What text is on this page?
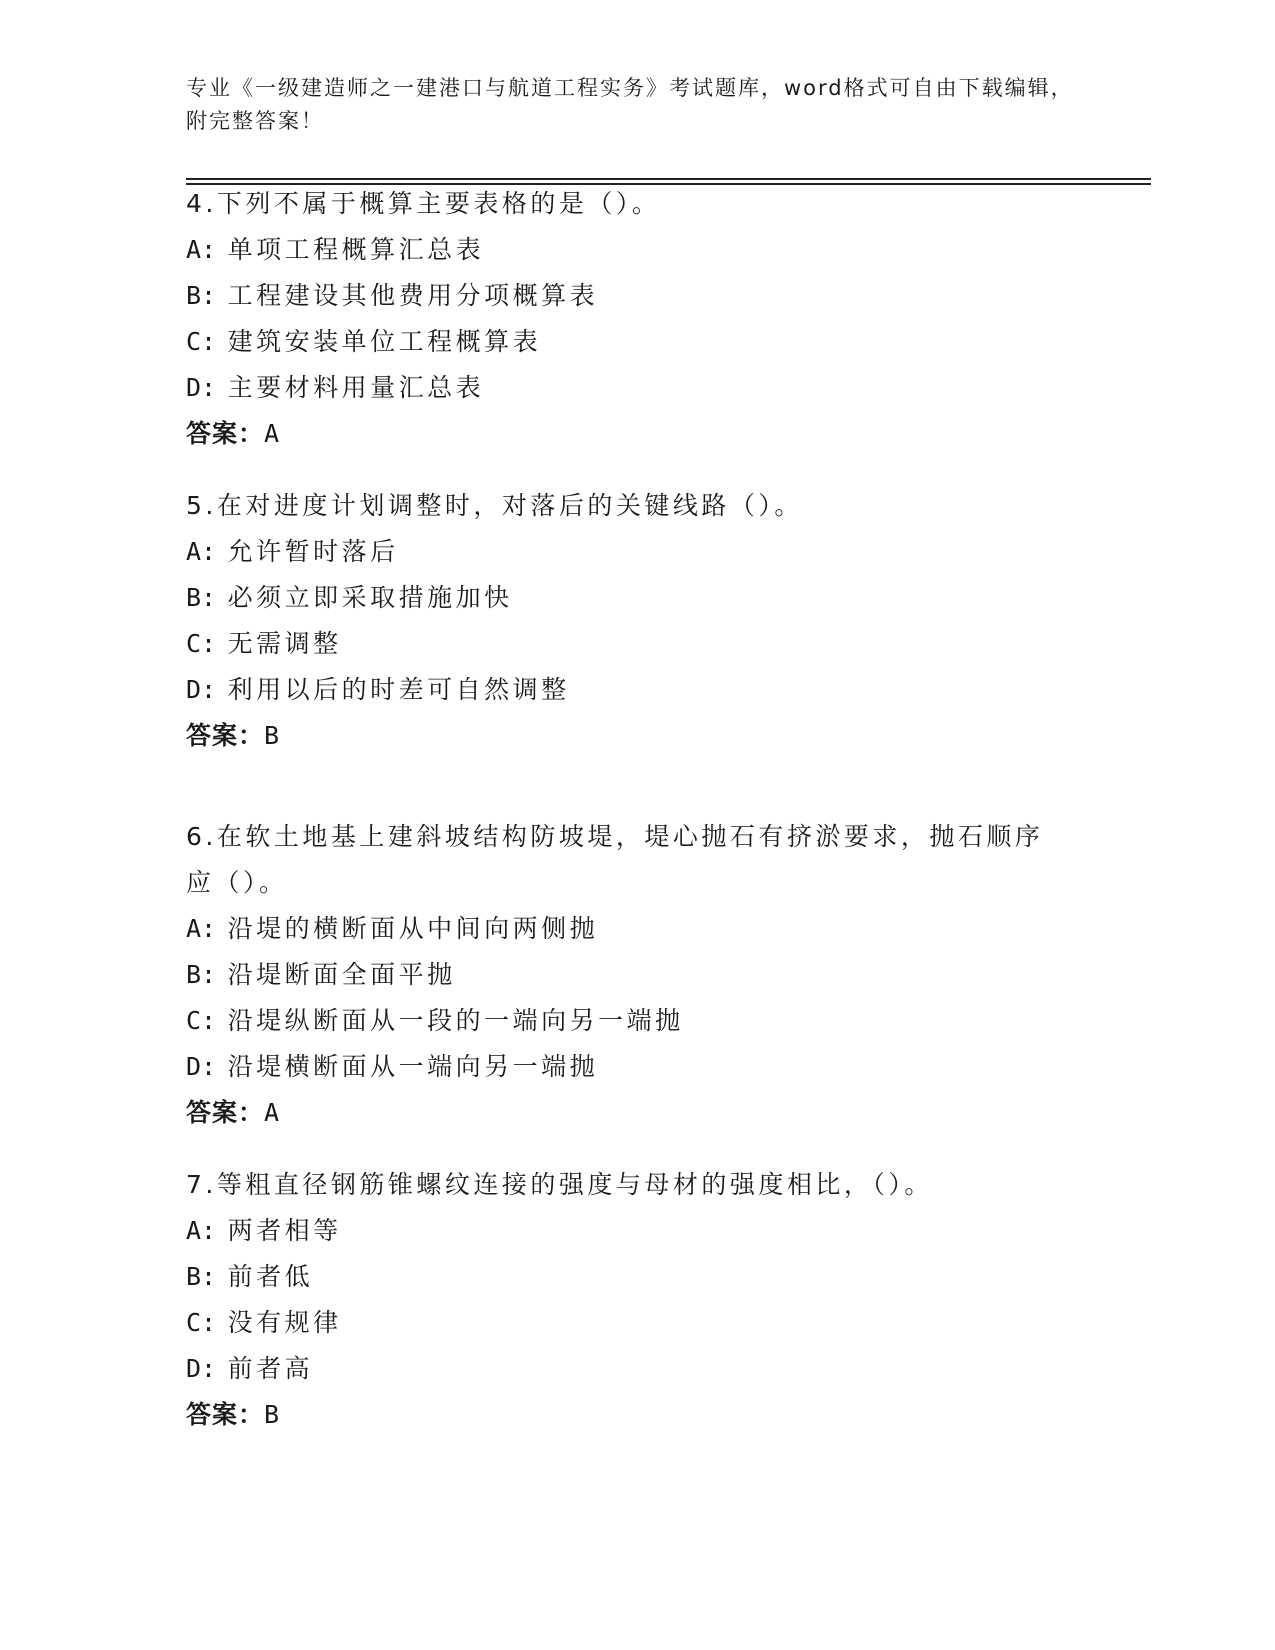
专业《一级建造师之一建港口与航道工程实务》考试题库，word格式可自由下载编辑，附完整答案！

4.下列不属于概算主要表格的是（）。

A: 单项工程概算汇总表

B: 工程建设其他费用分项概算表

C: 建筑安装单位工程概算表

D: 主要材料用量汇总表

答案：A

5.在对进度计划调整时，对落后的关键线路（）。

A: 允许暂时落后

B: 必须立即采取措施加快

C: 无需调整

D: 利用以后的时差可自然调整

答案：B

6.在软土地基上建斜坡结构防坡堤，堤心抛石有挤淤要求，抛石顺序应（）。

A: 沿堤的横断面从中间向两侧抛

B: 沿堤断面全面平抛

C: 沿堤纵断面从一段的一端向另一端抛

D: 沿堤横断面从一端向另一端抛

答案：A

7.等粗直径钢筋锥螺纹连接的强度与母材的强度相比，（）。

A: 两者相等

B: 前者低

C: 没有规律

D: 前者高

答案：B
